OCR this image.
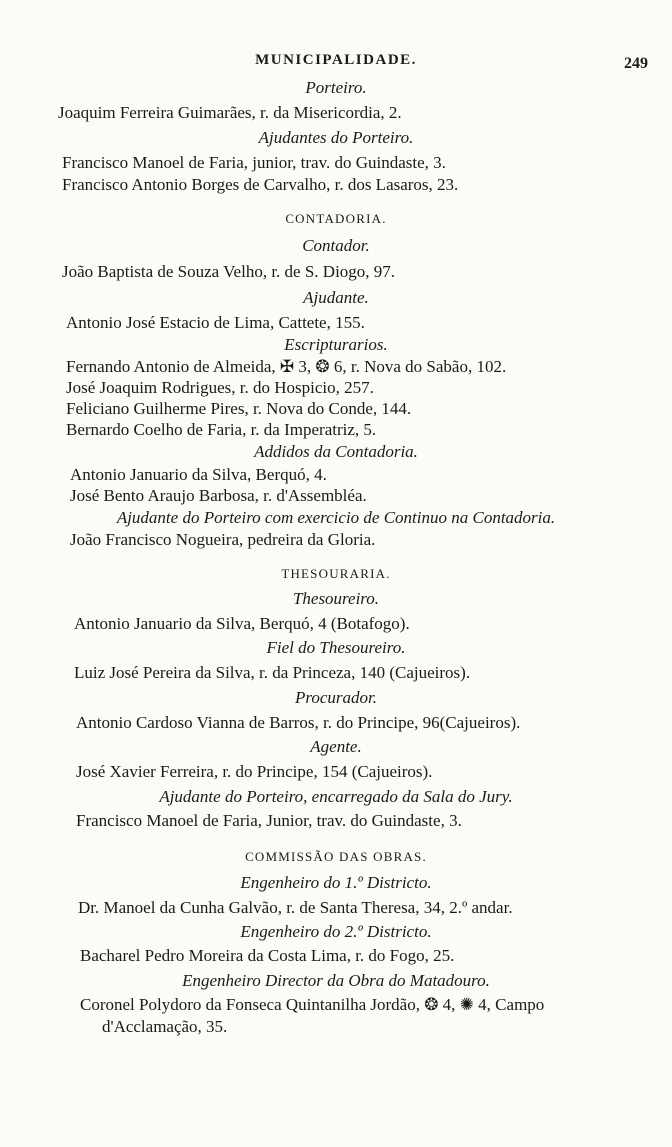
MUNICIPALIDADE.	249
Porteiro.
Joaquim Ferreira Guimarães, r. da Misericordia, 2.
Ajudantes do Porteiro.
Francisco Manoel de Faria, junior, trav. do Guindaste, 3.
Francisco Antonio Borges de Carvalho, r. dos Lasaros, 23.
CONTADORIA.
Contador.
João Baptista de Souza Velho, r. de S. Diogo, 97.
Ajudante.
Antonio José Estacio de Lima, Cattete, 155.
Escripturarios.
Fernando Antonio de Almeida, ✠ 3, ❂ 6, r. Nova do Sabão, 102.
José Joaquim Rodrigues, r. do Hospicio, 257.
Feliciano Guilherme Pires, r. Nova do Conde, 144.
Bernardo Coelho de Faria, r. da Imperatriz, 5.
Addidos da Contadoria.
Antonio Januario da Silva, Berquó, 4.
José Bento Araujo Barbosa, r. d'Assembléa.
Ajudante do Porteiro com exercicio de Continuo na Contadoria.
João Francisco Nogueira, pedreira da Gloria.
THESOURARIA.
Thesoureiro.
Antonio Januario da Silva, Berquó, 4 (Botafogo).
Fiel do Thesoureiro.
Luiz José Pereira da Silva, r. da Princeza, 140 (Cajueiros).
Procurador.
Antonio Cardoso Vianna de Barros, r. do Principe, 96(Cajueiros).
Agente.
José Xavier Ferreira, r. do Principe, 154 (Cajueiros).
Ajudante do Porteiro, encarregado da Sala do Jury.
Francisco Manoel de Faria, Junior, trav. do Guindaste, 3.
COMMISSÃO DAS OBRAS.
Engenheiro do 1.º Districto.
Dr. Manoel da Cunha Galvão, r. de Santa Theresa, 34, 2.º andar.
Engenheiro do 2.º Districto.
Bacharel Pedro Moreira da Costa Lima, r. do Fogo, 25.
Engenheiro Director da Obra do Matadouro.
Coronel Polydoro da Fonseca Quintanilha Jordão, ❂ 4, ✺ 4, Campo
d'Acclamação, 35.
